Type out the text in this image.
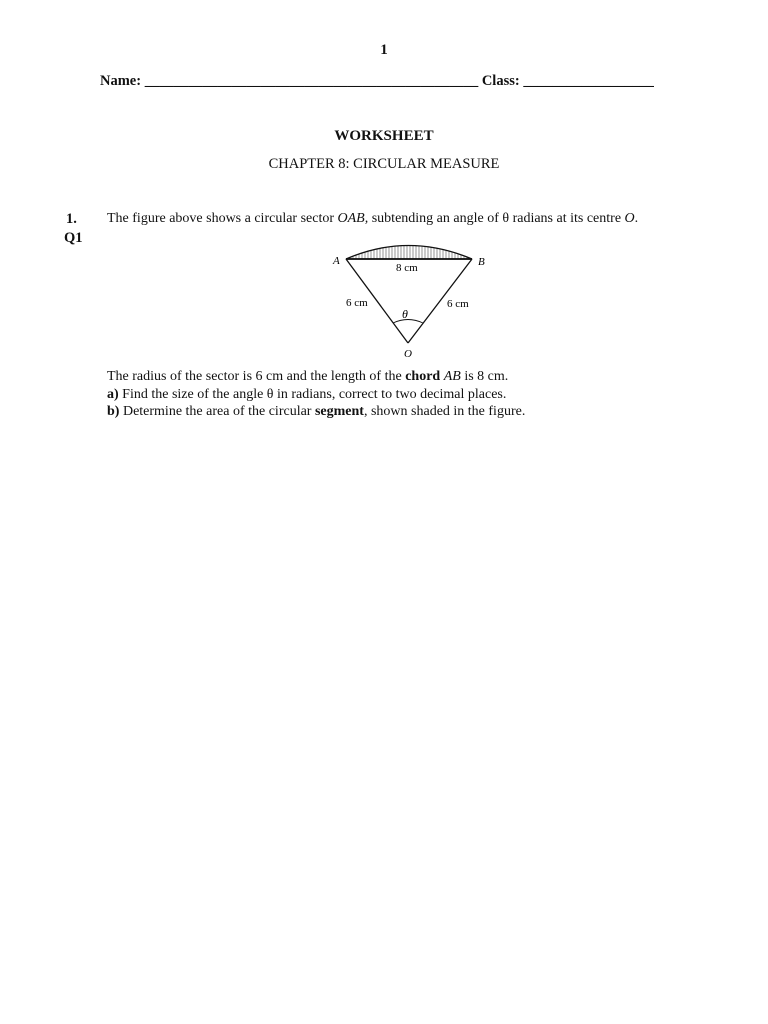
1
Name: ______________________________________________ Class: __________________
WORKSHEET
CHAPTER 8: CIRCULAR MEASURE
1.
Q1
The figure above shows a circular sector OAB, subtending an angle of θ radians at its centre O.
A	B
8 cm
6 cm	6 cm
θ
O
The radius of the sector is 6 cm and the length of the chord AB is 8 cm.
a) Find the size of the angle θ in radians, correct to two decimal places.
b) Determine the area of the circular segment, shown shaded in the figure.
